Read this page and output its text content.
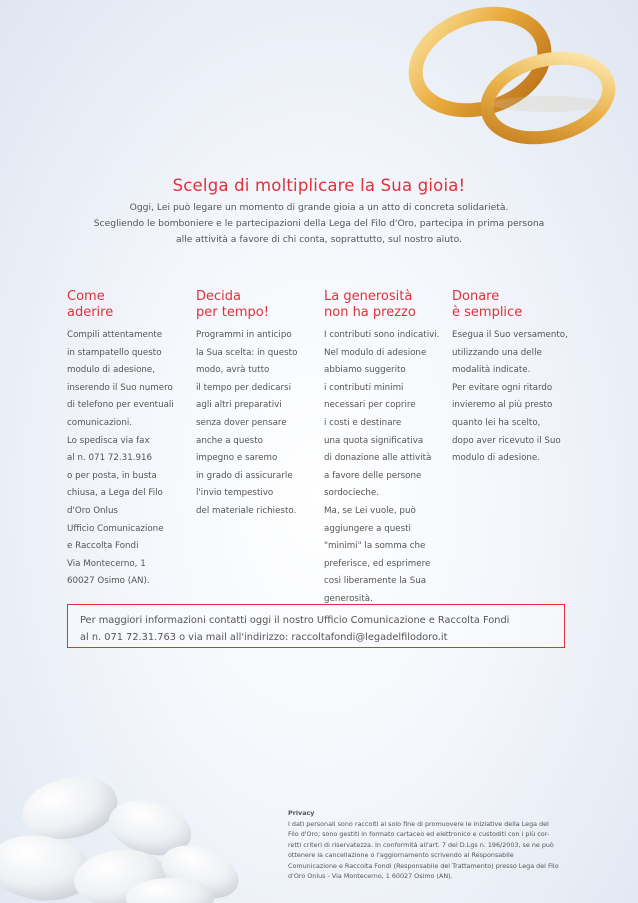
Scelga di moltiplicare la Sua gioia!
Oggi, Lei può legare un momento di grande gioia a un atto di concreta solidarietà.
Scegliendo le bomboniere e le partecipazioni della Lega del Filo d'Oro, partecipa in prima persona
alle attività a favore di chi conta, soprattutto, sul nostro aiuto.
Come
aderire

Compili attentamente
in stampatello questo
modulo di adesione,
inserendo il Suo numero
di telefono per eventuali
comunicazioni.
Lo spedisca via fax
al n. 071 72.31.916
o per posta, in busta
chiusa, a Lega del Filo
d'Oro Onlus
Ufficio Comunicazione
e Raccolta Fondi
Via Montecerno, 1
60027 Osimo (AN).

Decida
per tempo!

Programmi in anticipo
la Sua scelta: in questo
modo, avrà tutto
il tempo per dedicarsi
agli altri preparativi
senza dover pensare
anche a questo
impegno e saremo
in grado di assicurarle
l'invio tempestivo
del materiale richiesto.

La generosità
non ha prezzo

I contributi sono indicativi.
Nel modulo di adesione
abbiamo suggerito
i contributi minimi
necessari per coprire
i costi e destinare
una quota significativa
di donazione alle attività
a favore delle persone
sordocieche.
Ma, se Lei vuole, può
aggiungere a questi
"minimi" la somma che
preferisce, ed esprimere
così liberamente la Sua
generosità.

Donare
è semplice

Esegua il Suo versamento,
utilizzando una delle
modalità indicate.
Per evitare ogni ritardo
invieremo al più presto
quanto lei ha scelto,
dopo aver ricevuto il Suo
modulo di adesione.

Per maggiori informazioni contatti oggi il nostro Ufficio Comunicazione e Raccolta Fondi
al n. 071 72.31.763 o via mail all'indirizzo: raccoltafondi@legadelfilodoro.it
Privacy
I dati personali sono raccolti al solo fine di promuovere le iniziative della Lega del
Filo d'Oro; sono gestiti in formato cartaceo ed elettronico e custoditi con i più cor-
retti criteri di riservatezza. In conformità all'art. 7 del D.Lgs n. 196/2003, se ne può
ottenere la cancellazione o l'aggiornamento scrivendo al Responsabile
Comunicazione e Raccolta Fondi (Responsabile del Trattamento) presso Lega del Filo
d'Oro Onlus - Via Montecerno, 1 60027 Osimo (AN).
